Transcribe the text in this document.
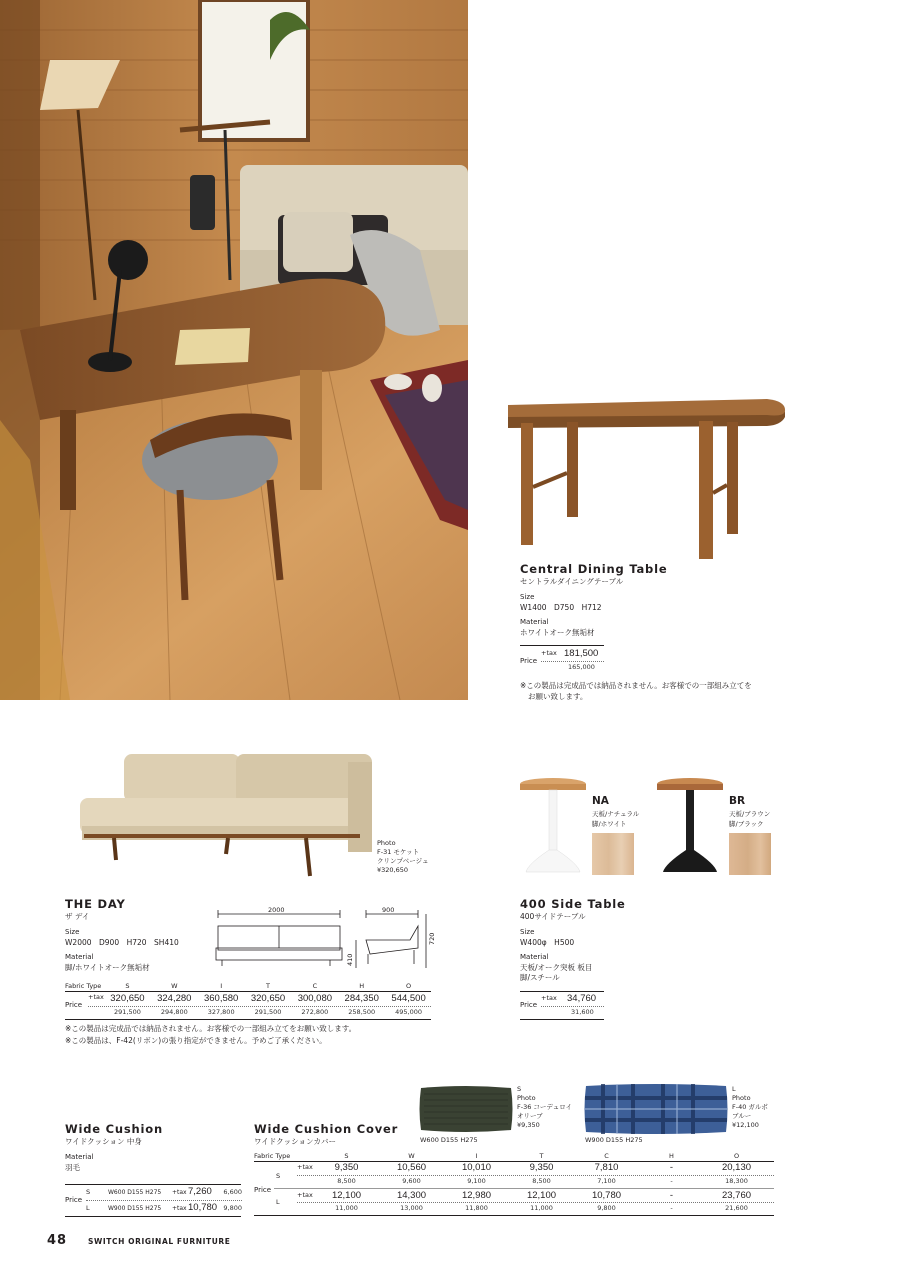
Central Dining Table
セントラルダイニングテーブル
Size
W1400　D750　H712
Material
ホワイトオーク無垢材
Price
+tax 181,500
165,000
※この製品は完成品では納品されません。お客様での一部組み立てを
お願い致します。
Photo
F-31 モケット
クリンプベージュ
¥320,650
THE DAY
ザ デイ
Size
W2000　D900　H720　SH410
Material
脚/ホワイトオーク無垢材
2000	900
720
410
Fabric Type	S	W	I	T	C	H	O
Price
+tax 320,650	324,280	360,580	320,650	300,080	284,350	544,500
291,500	294,800	327,800	291,500	272,800	258,500	495,000
※この製品は完成品では納品されません。お客様での一部組み立てをお願い致します。
※この製品は、F-42(リボン)の張り指定ができません。予めご了承ください。
NA
天板/ナチュラル
脚/ホワイト
BR
天板/ブラウン
脚/ブラック
400 Side Table
400サイドテーブル
Size
W400φ　H500
Material
天板/オーク突板 板目
脚/スチール
Price
+tax 34,760
31,600
S
Photo
F-36 コーデュロイ
オリーブ
¥9,350
W600 D155 H275
L
Photo
F-40 ガルボ
ブルー
¥12,100
W900 D155 H275
Wide Cushion
ワイドクッション 中身
Material
羽毛
Price
S	W600 D155 H275	+tax 7,260	6,600
L	W900 D155 H275	+tax 10,780 9,800
Wide Cushion Cover
ワイドクッションカバー
Fabric Type	S	W	I	T	C	H	O
Price
S
+tax	9,350	10,560	10,010	9,350	7,810	-	20,130
8,500	9,600	9,100	8,500	7,100	-	18,300
L
+tax	12,100	14,300	12,980	12,100	10,780	-	23,760
11,000	13,000	11,800	11,000	9,800	-	21,600
48	SWITCH ORIGINAL FURNITURE
